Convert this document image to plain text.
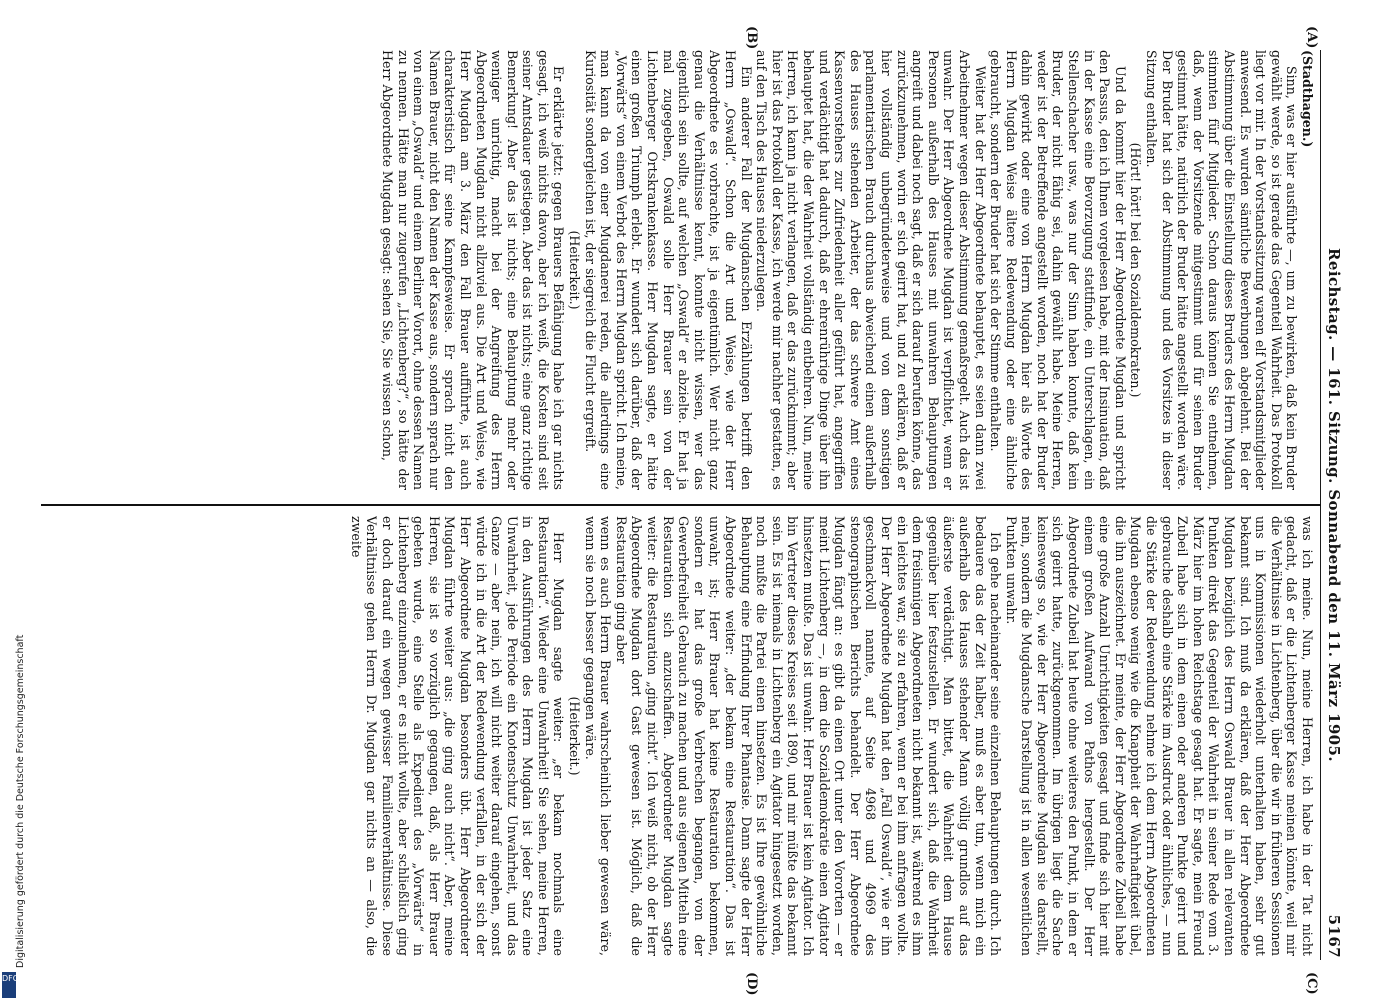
Reichstag. — 161. Sitzung. Sonnabend den 11. März 1905.
5167
(A)
(B)
(C)
(D)

(Stadthagen.)

Sinn, was er hier ausführte —, um zu bewirken, daß kein Bruder gewählt werde, so ist gerade das Gegenteil Wahrheit. Das Protokoll liegt vor mir. In der Vorstandssitzung waren elf Vorstandsmitglieder anwesend. Es wurden sämtliche Bewerbungen abgelehnt. Bei der Abstimmung über die Einstellung dieses Bruders des Herrn Mugdan stimmten fünf Mitglieder. Schon daraus können Sie entnehmen, daß, wenn der Vorsitzende mitgestimmt und für seinen Bruder gestimmt hätte, natürlich der Bruder hätte angestellt worden wäre. Der Bruder hat sich der Abstimmung und des Vorsitzes in dieser Sitzung enthalten.

(Hört! hört! bei den Sozialdemokraten.)

Und da kommt hier der Herr Abgeordnete Mugdan und spricht den Passus, den ich Ihnen vorgelesen habe, mit der Insinuation, daß in der Kasse eine Bevorzugung stattfinde, ein Unterschlagen, ein Stellenschacher usw., was nur der Sinn haben konnte, daß kein Bruder, der nicht fähig sei, dahin gewählt habe. Meine Herren, weder ist der Betreffende angestellt worden, noch hat der Bruder dahin gewirkt oder eine von Herrn Mugdan hier als Worte des Herrn Mugdan Weise ältere Redewendung oder eine ähnliche gebraucht, sondern der Bruder hat sich der Stimme enthalten.

Weiter hat der Herr Abgeordnete behauptet, es seien dann zwei Arbeitnehmer wegen dieser Abstimmung gemaßregelt. Auch das ist unwahr. Der Herr Abgeordnete Mugdan ist verpflichtet, wenn er Personen außerhalb des Hauses mit unwahren Behauptungen angreift und dabei noch sagt, daß er sich darauf berufen könne, das zurückzunehmen, worin er sich geirrt hat, und zu erklären, daß er hier vollständig unbegründeterweise und von dem sonstigen parlamentarischen Brauch durchaus abweichend einen außerhalb des Hauses stehenden Arbeiter, der das schwere Amt eines Kassenvorstehers zur Zufriedenheit aller geführt hat, angegriffen und verdächtigt hat dadurch, daß er ehrenrührige Dinge über ihn behauptet hat, die der Wahrheit vollständig entbehren. Nun, meine Herren, ich kann ja nicht verlangen, daß er das zurücknimmt; aber hier ist das Protokoll der Kasse, ich werde mir nachher gestatten, es auf den Tisch des Hauses niederzulegen.

Ein anderer Fall der Mugdanschen Erzählungen betrifft den Herrn „Oswald“. Schon die Art und Weise, wie der Herr Abgeordnete es vorbrachte, ist ja eigentümlich. Wer nicht ganz genau die Verhältnisse kennt, konnte nicht wissen, wer das eigentlich sein sollte, auf welchen „Oswald“ er abzielte. Er hat ja mal zugegeben, Oswald solle Herr Brauer sein von der Lichtenberger Ortskrankenkasse. Herr Mugdan sagte, er hätte einen großen Triumph erlebt. Er wundert sich darüber, daß der „Vorwärts“ von einem Verbot des Herrn Mugdan spricht. Ich meine, man kann da von einer Mugdanerei reden, die allerdings eine Kuriosität sondergleichen ist, der siegreich die Flucht ergreift.

(Heiterkeit.)

Er erklärte jetzt: gegen Brauers Befähigung habe ich gar nichts gesagt, ich weiß nichts davon, aber ich weiß, die Kosten sind seit seiner Amtsdauer gestiegen. Aber das ist nichts; eine ganz richtige Bemerkung! Aber das ist nichts; eine Behauptung mehr oder weniger unrichtig, macht bei der Angreifung des Herrn Abgeordneten Mugdan nicht allzuviel aus. Die Art und Weise, wie Herr Mugdan am 3. März den Fall Brauer aufführte, ist auch charakteristisch für seine Kampfesweise. Er sprach nicht den Namen Brauer, nicht den Namen der Kasse aus, sondern sprach nur von einem „Oswald“ und einem Berliner Vorort, ohne dessen Namen zu nennen. Hätte man nur zugerufen „Lichtenberg?“, so hätte der Herr Abgeordnete Mugdan gesagt: sehen Sie, Sie wissen schon,

was ich meine. Nun, meine Herren, ich habe in der Tat nicht gedacht, daß er die Lichtenberger Kasse meinen könnte, weil mir die Verhältnisse in Lichtenberg, über die wir in früheren Sessionen uns in Kommissionen wiederholt unterhalten haben, sehr gut bekannt sind. Ich muß da erklären, daß der Herr Abgeordnete Mugdan bezüglich des Herrn Oswald Brauer in allen relevanten Punkten direkt das Gegenteil der Wahrheit in seiner Rede vom 3. März hier im hohen Reichstage gesagt hat. Er sagte, mein Freund Zubeil habe sich in dem einen oder anderen Punkte geirrt und gebrauche deshalb eine Stärke im Ausdruck oder ähnliches, — nun die Stärke der Redewendung nehme ich dem Herrn Abgeordneten Mugdan ebenso wenig wie die Knappheit der Wahrhaftigkeit übel, die ihn auszeichnet. Er meinte, der Herr Abgeordnete Zubeil habe eine große Anzahl Unrichtigkeiten gesagt und finde sich hier mit einem großen Aufwand von Pathos hergestellt. Der Herr Abgeordnete Zubeil hat heute ohne weiteres den Punkt, in dem er sich geirrt hatte, zurückgenommen. Im übrigen liegt die Sache keineswegs so, wie der Herr Abgeordnete Mugdan sie darstellt, nein, sondern die Mugdansche Darstellung ist in allen wesentlichen Punkten unwahr.

Ich gehe nacheinander seine einzelnen Behauptungen durch. Ich bedauere das der Zeit halber, muß es aber tun, wenn mich ein außerhalb des Hauses stehender Mann völlig grundlos auf das äußerste verdächtigt. Man bittet, die Wahrheit dem Hause gegenüber hier festzustellen. Er wundert sich, daß die Wahrheit dem freisinnigen Abgeordneten nicht bekannt ist, während es ihm ein leichtes war, sie zu erfahren, wenn er bei ihm anfragen wollte. Der Herr Abgeordnete Mugdan hat den „Fall Oswald“, wie er ihn geschmackvoll nannte, auf Seite 4968 und 4969 des stenographischen Berichts behandelt. Der Herr Abgeordnete Mugdan fängt an: es gibt da einen Ort unter den Vororten — er meint Lichtenberg —, in dem die Sozialdemokratie einen Agitator hinsetzen mußte. Das ist unwahr. Herr Brauer ist kein Agitator. Ich bin Vertreter dieses Kreises seit 1890, und mir müßte das bekannt sein. Es ist niemals in Lichtenberg ein Agitator hingesetzt worden, noch mußte die Partei einen hinsetzen. Es ist Ihre gewöhnliche Behauptung eine Erfindung Ihrer Phantasie. Dann sagte der Herr Abgeordnete weiter: „der bekam eine Restauration“. Das ist unwahr, ist; Herr Brauer hat keine Restauration bekommen, sondern er hat das große Verbrechen begangen, von der Gewerbefreiheit Gebrauch zu machen und aus eigenen Mitteln eine Restauration sich anzuschaffen. Abgeordneter Mugdan sagte weiter: die Restauration „ging nicht“. Ich weiß nicht, ob der Herr Abgeordnete Mugdan dort Gast gewesen ist. Möglich, daß die Restauration ging aber

wenn es auch Herrn Brauer wahrscheinlich lieber gewesen wäre, wenn sie noch besser gegangen wäre.

(Heiterkeit.)

Herr Mugdan sagte weiter: „er bekam nochmals eine Restauration“. Wieder eine Unwahrheit! Sie sehen, meine Herren, in den Ausführungen des Herrn Mugdan ist jeder Satz eine Unwahrheit, jede Periode ein Knotenschutz Unwahrheit, und das Ganze — aber nein, ich will nicht weiter darauf eingehen, sonst würde ich in die Art der Redewendung verfallen, in der sich der Herr Abgeordnete Mugdan besonders übt. Herr Abgeordneter Mugdan führte weiter aus: „die ging auch nicht“. Aber, meine Herren, sie ist so vorzüglich gegangen, daß, als Herr Brauer gebeten wurde, eine Stelle als Expedient des „Vorwärts“ in Lichtenberg einzunehmen, er es nicht wollte, aber schließlich ging er doch darauf ein wegen gewisser Familienverhältnisse. Diese Verhältnisse gehen Herrn Dr. Mugdan gar nichts an — also, die zweite

Digitalisierung gefördert durch die Deutsche Forschungsgemeinschaft
DFG
